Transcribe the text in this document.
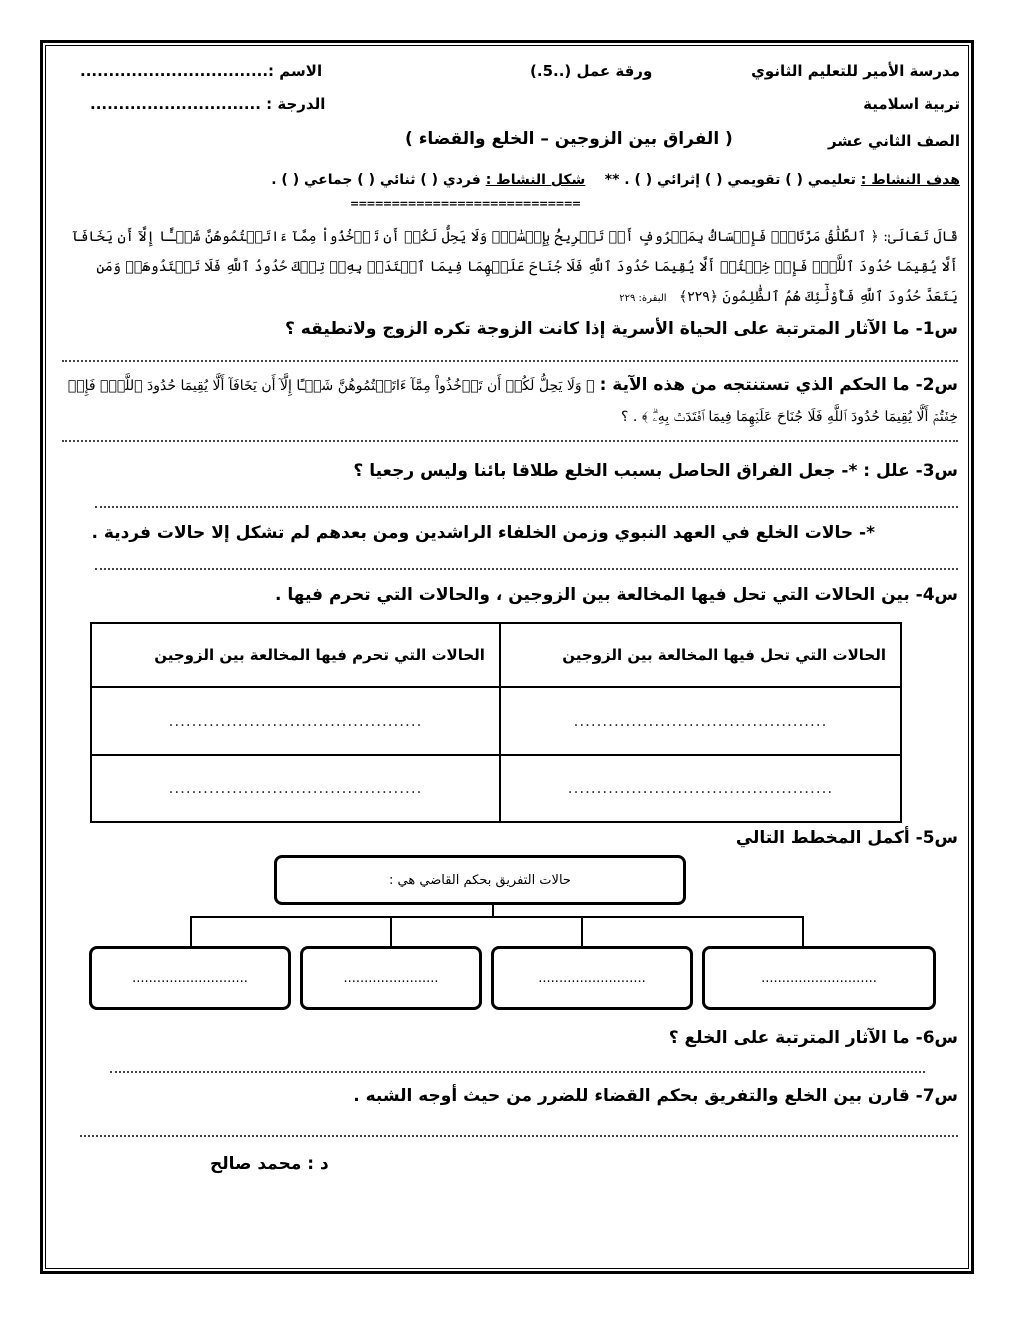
مدرسة الأمير للتعليم الثانوي
ورقة عمل (..5.)
الاسم :.................................
تربية اسلامية
الدرجة : ..............................
الصف الثاني عشر
( الفراق بين الزوجين – الخلع والقضاء )
هدف النشاط : تعليمي ( ) تقويمي ( ) إثرائي ( ) . **    شكل النشاط : فردي ( ) ثنائي ( ) جماعي ( ) .
============================

قَالَ تَعَالَىٰ: ﴿ ٱلطَّلَٰقُ مَرَّتَانِۖ فَإِمۡسَاكُۢ بِمَعۡرُوفٍ أَوۡ تَسۡرِيحُۢ بِإِحۡسَٰنٖۗ وَلَا يَحِلُّ لَكُمۡ أَن تَأۡخُذُواْ مِمَّآ ءَاتَيۡتُمُوهُنَّ شَيۡـًٔا إِلَّآ أَن يَخَافَآ أَلَّا يُقِيمَا حُدُودَ ٱللَّهِۖ فَإِنۡ خِفۡتُمۡ أَلَّا يُقِيمَا حُدُودَ ٱللَّهِ فَلَا جُنَاحَ عَلَيۡهِمَا فِيمَا ٱفۡتَدَتۡ بِهِۦۗ تِلۡكَ حُدُودُ ٱللَّهِ فَلَا تَعۡتَدُوهَاۚ وَمَن يَتَعَدَّ حُدُودَ ٱللَّهِ فَأُوْلَٰٓئِكَ هُمُ ٱلظَّٰلِمُونَ ﴿٢٢٩﴾ البقرة: ٢٢٩

س1- ما الآثار المترتبة على الحياة الأسرية إذا كانت الزوجة تكره الزوج ولاتطيقه ؟

س2- ما الحكم الذي تستنتجه من هذه الآية : ﴿ وَلَا يَحِلُّ لَكُمۡ أَن تَأۡخُذُواْ مِمَّآ ءَاتَيۡتُمُوهُنَّ شَيۡـًٔا إِلَّآ أَن يَخَافَآ أَلَّا يُقِيمَا حُدُودَ ٱللَّهِۖ فَإِنۡ خِفۡتُمۡ أَلَّا يُقِيمَا حُدُودَ ٱللَّهِ فَلَا جُنَاحَ عَلَيۡهِمَا فِيمَا ٱفۡتَدَتۡ بِهِۦۗ ﴾ . ؟

س3- علل : *- جعل الفراق الحاصل بسبب الخلع طلاقا بائنا وليس رجعيا ؟

*- حالات الخلع في العهد النبوي وزمن الخلفاء الراشدين ومن بعدهم لم تشكل إلا حالات فردية .

س4- بين الحالات التي تحل فيها المخالعة بين الزوجين ، والحالات التي تحرم فيها .

الحالات التي تحل فيها المخالعة بين الزوجين	الحالات التي تحرم فيها المخالعة بين الزوجين
............................................	............................................
..............................................	............................................

س5- أكمل المخطط التالي

حالات التفريق بحكم القاضي هي :
............................	.......................	..........................	............................

س6- ما الآثار المترتبة على الخلع ؟

س7- قارن بين الخلع والتفريق بحكم القضاء للضرر من حيث أوجه الشبه .

د : محمد صالح
